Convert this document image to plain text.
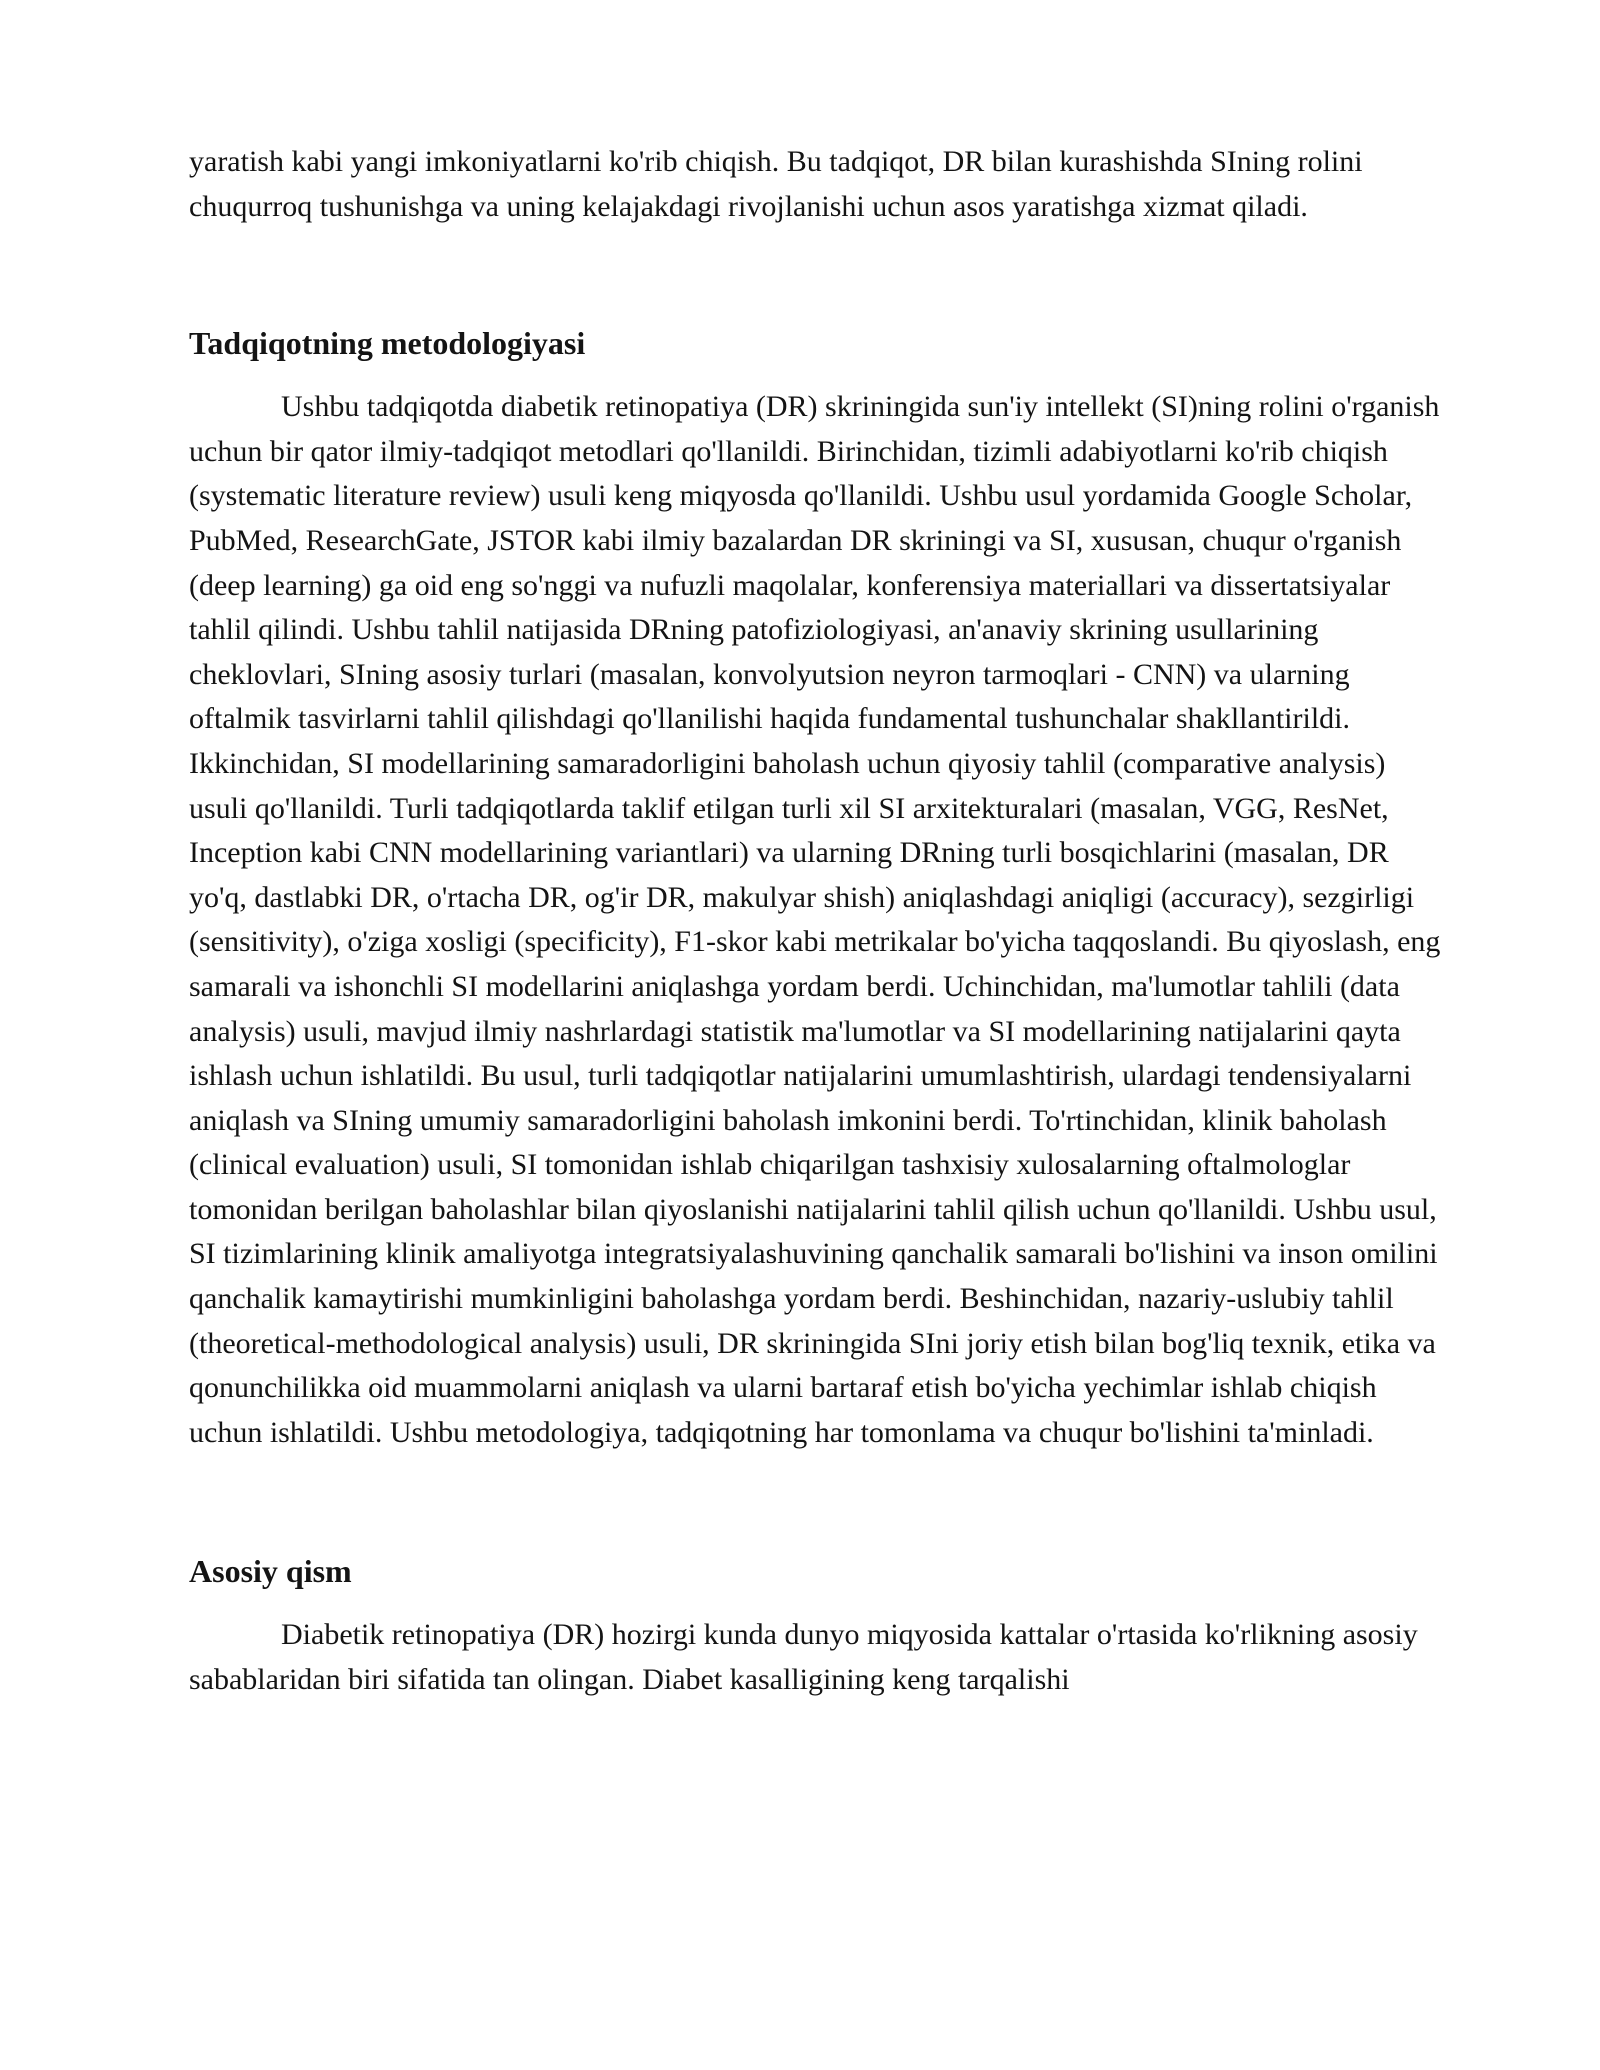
yaratish kabi yangi imkoniyatlarni ko'rib chiqish. Bu tadqiqot, DR bilan kurashishda SIning rolini chuqurroq tushunishga va uning kelajakdagi rivojlanishi uchun asos yaratishga xizmat qiladi.

Tadqiqotning metodologiyasi

Ushbu tadqiqotda diabetik retinopatiya (DR) skriningida sun'iy intellekt (SI)ning rolini o'rganish uchun bir qator ilmiy-tadqiqot metodlari qo'llanildi. Birinchidan, tizimli adabiyotlarni ko'rib chiqish (systematic literature review) usuli keng miqyosda qo'llanildi. Ushbu usul yordamida Google Scholar, PubMed, ResearchGate, JSTOR kabi ilmiy bazalardan DR skriningi va SI, xususan, chuqur o'rganish (deep learning) ga oid eng so'nggi va nufuzli maqolalar, konferensiya materiallari va dissertatsiyalar tahlil qilindi. Ushbu tahlil natijasida DRning patofiziologiyasi, an'anaviy skrining usullarining cheklovlari, SIning asosiy turlari (masalan, konvolyutsion neyron tarmoqlari - CNN) va ularning oftalmik tasvirlarni tahlil qilishdagi qo'llanilishi haqida fundamental tushunchalar shakllantirildi. Ikkinchidan, SI modellarining samaradorligini baholash uchun qiyosiy tahlil (comparative analysis) usuli qo'llanildi. Turli tadqiqotlarda taklif etilgan turli xil SI arxitekturalari (masalan, VGG, ResNet, Inception kabi CNN modellarining variantlari) va ularning DRning turli bosqichlarini (masalan, DR yo'q, dastlabki DR, o'rtacha DR, og'ir DR, makulyar shish) aniqlashdagi aniqligi (accuracy), sezgirligi (sensitivity), o'ziga xosligi (specificity), F1-skor kabi metrikalar bo'yicha taqqoslandi. Bu qiyoslash, eng samarali va ishonchli SI modellarini aniqlashga yordam berdi. Uchinchidan, ma'lumotlar tahlili (data analysis) usuli, mavjud ilmiy nashrlardagi statistik ma'lumotlar va SI modellarining natijalarini qayta ishlash uchun ishlatildi. Bu usul, turli tadqiqotlar natijalarini umumlashtirish, ulardagi tendensiyalarni aniqlash va SIning umumiy samaradorligini baholash imkonini berdi. To'rtinchidan, klinik baholash (clinical evaluation) usuli, SI tomonidan ishlab chiqarilgan tashxisiy xulosalarning oftalmologlar tomonidan berilgan baholashlar bilan qiyoslanishi natijalarini tahlil qilish uchun qo'llanildi. Ushbu usul, SI tizimlarining klinik amaliyotga integratsiyalashuvining qanchalik samarali bo'lishini va inson omilini qanchalik kamaytirishi mumkinligini baholashga yordam berdi. Beshinchidan, nazariy-uslubiy tahlil (theoretical-methodological analysis) usuli, DR skriningida SIni joriy etish bilan bog'liq texnik, etika va qonunchilikka oid muammolarni aniqlash va ularni bartaraf etish bo'yicha yechimlar ishlab chiqish uchun ishlatildi. Ushbu metodologiya, tadqiqotning har tomonlama va chuqur bo'lishini ta'minladi.

Asosiy qism

Diabetik retinopatiya (DR) hozirgi kunda dunyo miqyosida kattalar o'rtasida ko'rlikning asosiy sabablaridan biri sifatida tan olingan. Diabet kasalligining keng tarqalishi
